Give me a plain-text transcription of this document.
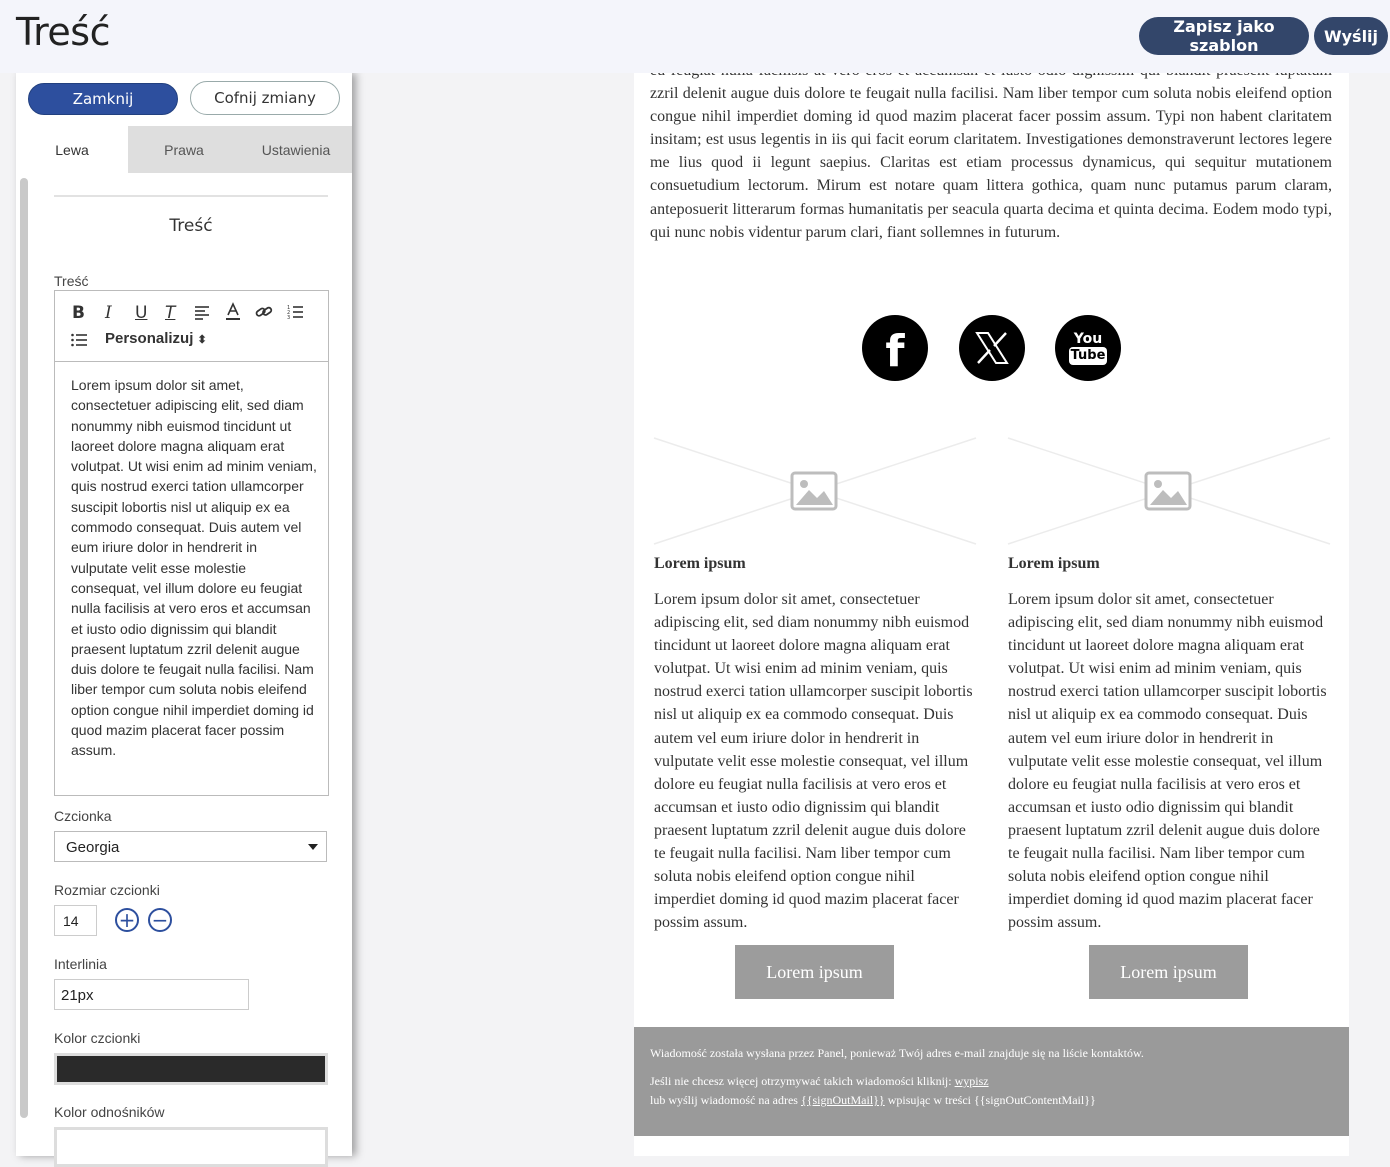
Treść	Zapisz jako szablon	Wyślij
Zamknij	Cofnij zmiany
Lewa	Prawa	Ustawienia
Treść
Treść
B I U T	1
2
3
Personalizuj ⬍
Lorem ipsum dolor sit amet, consectetuer adipiscing elit, sed diam nonummy nibh euismod tincidunt ut laoreet dolore magna aliquam erat volutpat. Ut wisi enim ad minim veniam, quis nostrud exerci tation ullamcorper suscipit lobortis nisl ut aliquip ex ea commodo consequat. Duis autem vel eum iriure dolor in hendrerit in vulputate velit esse molestie consequat, vel illum dolore eu feugiat nulla facilisis at vero eros et accumsan et iusto odio dignissim qui blandit praesent luptatum zzril delenit augue duis dolore te feugait nulla facilisi. Nam liber tempor cum soluta nobis eleifend option congue nihil imperdiet doming id quod mazim placerat facer possim assum.
Czcionka
Georgia
Rozmiar czcionki
14	+ −
Interlinia
21px
Kolor czcionki
Kolor odnośników
zzril delenit augue duis dolore te feugait nulla facilisi. Nam liber tempor cum soluta nobis eleifend option congue nihil imperdiet doming id quod mazim placerat facer possim assum. Typi non habent claritatem insitam; est usus legentis in iis qui facit eorum claritatem. Investigationes demonstraverunt lectores legere me lius quod ii legunt saepius. Claritas est etiam processus dynamicus, qui sequitur mutationem consuetudium lectorum. Mirum est notare quam littera gothica, quam nunc putamus parum claram, anteposuerit litterarum formas humanitatis per seacula quarta decima et quinta decima. Eodem modo typi, qui nunc nobis videntur parum clari, fiant sollemnes in futurum.
f	You
Tube
Lorem ipsum
Lorem ipsum dolor sit amet, consectetuer adipiscing elit, sed diam nonummy nibh euismod tincidunt ut laoreet dolore magna aliquam erat volutpat. Ut wisi enim ad minim veniam, quis nostrud exerci tation ullamcorper suscipit lobortis nisl ut aliquip ex ea commodo consequat. Duis autem vel eum iriure dolor in hendrerit in vulputate velit esse molestie consequat, vel illum dolore eu feugiat nulla facilisis at vero eros et accumsan et iusto odio dignissim qui blandit praesent luptatum zzril delenit augue duis dolore te feugait nulla facilisi. Nam liber tempor cum soluta nobis eleifend option congue nihil imperdiet doming id quod mazim placerat facer possim assum.
Lorem ipsum
Lorem ipsum
Lorem ipsum dolor sit amet, consectetuer adipiscing elit, sed diam nonummy nibh euismod tincidunt ut laoreet dolore magna aliquam erat volutpat. Ut wisi enim ad minim veniam, quis nostrud exerci tation ullamcorper suscipit lobortis nisl ut aliquip ex ea commodo consequat. Duis autem vel eum iriure dolor in hendrerit in vulputate velit esse molestie consequat, vel illum dolore eu feugiat nulla facilisis at vero eros et accumsan et iusto odio dignissim qui blandit praesent luptatum zzril delenit augue duis dolore te feugait nulla facilisi. Nam liber tempor cum soluta nobis eleifend option congue nihil imperdiet doming id quod mazim placerat facer possim assum.
Lorem ipsum

Wiadomość została wysłana przez Panel, ponieważ Twój adres e-mail znajduje się na liście kontaktów.

Jeśli nie chcesz więcej otrzymywać takich wiadomości kliknij: wypisz

lub wyślij wiadomość na adres {{signOutMail}} wpisując w treści {{signOutContentMail}}
